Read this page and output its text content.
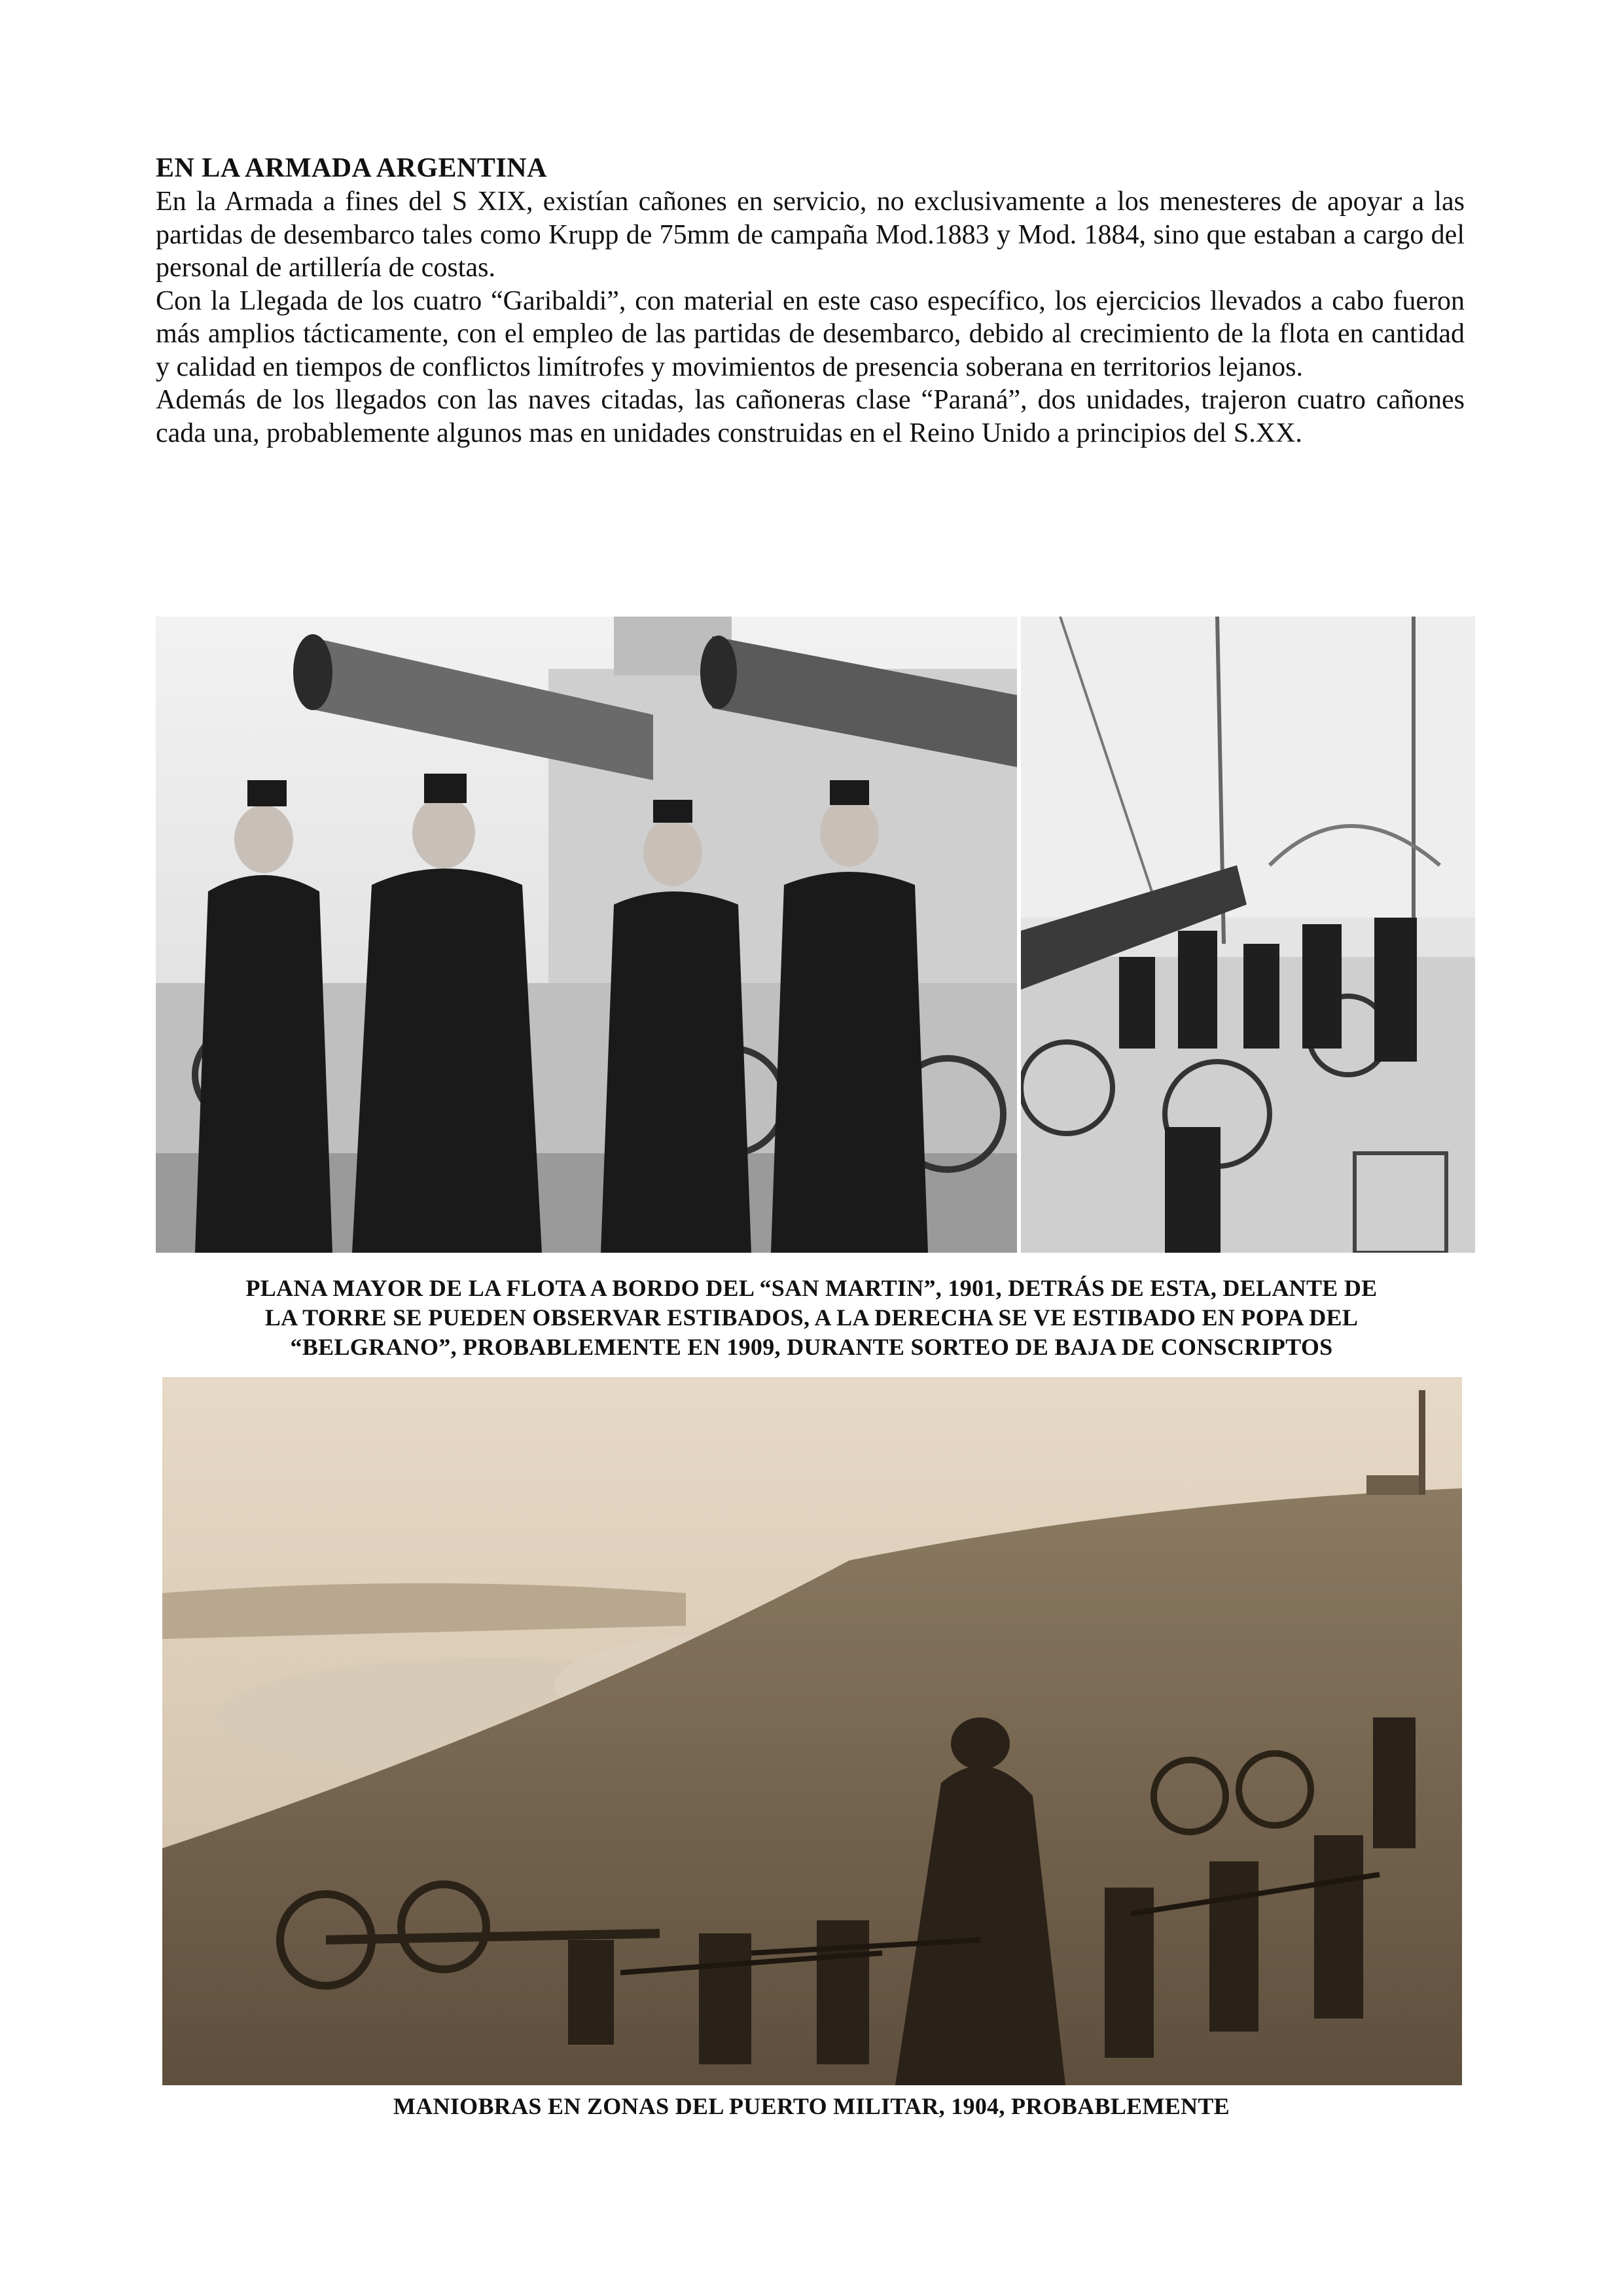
EN LA ARMADA ARGENTINA

En la Armada a fines del S XIX, existían cañones en servicio, no exclusivamente a los menesteres de apoyar a las partidas de desembarco tales como Krupp de 75mm de campaña Mod.1883 y Mod. 1884, sino que estaban a cargo del personal de artillería de costas.

Con la Llegada de los cuatro “Garibaldi”, con material en este caso específico, los ejercicios llevados a cabo fueron más amplios tácticamente, con el empleo de las partidas de desembarco, debido al crecimiento de la flota en cantidad y calidad en tiempos de conflictos limítrofes y movimientos de presencia soberana en territorios lejanos.

Además de los llegados con las naves citadas, las cañoneras clase “Paraná”, dos unidades, trajeron cuatro cañones cada una, probablemente algunos mas en unidades construidas en el Reino Unido a principios del S.XX.

PLANA MAYOR DE LA FLOTA A BORDO DEL “SAN MARTIN”, 1901, DETRÁS DE ESTA, DELANTE DE
LA TORRE SE PUEDEN OBSERVAR ESTIBADOS, A LA DERECHA SE VE ESTIBADO EN POPA DEL
“BELGRANO”, PROBABLEMENTE EN 1909, DURANTE SORTEO DE BAJA DE CONSCRIPTOS
MANIOBRAS EN ZONAS DEL PUERTO MILITAR, 1904, PROBABLEMENTE
